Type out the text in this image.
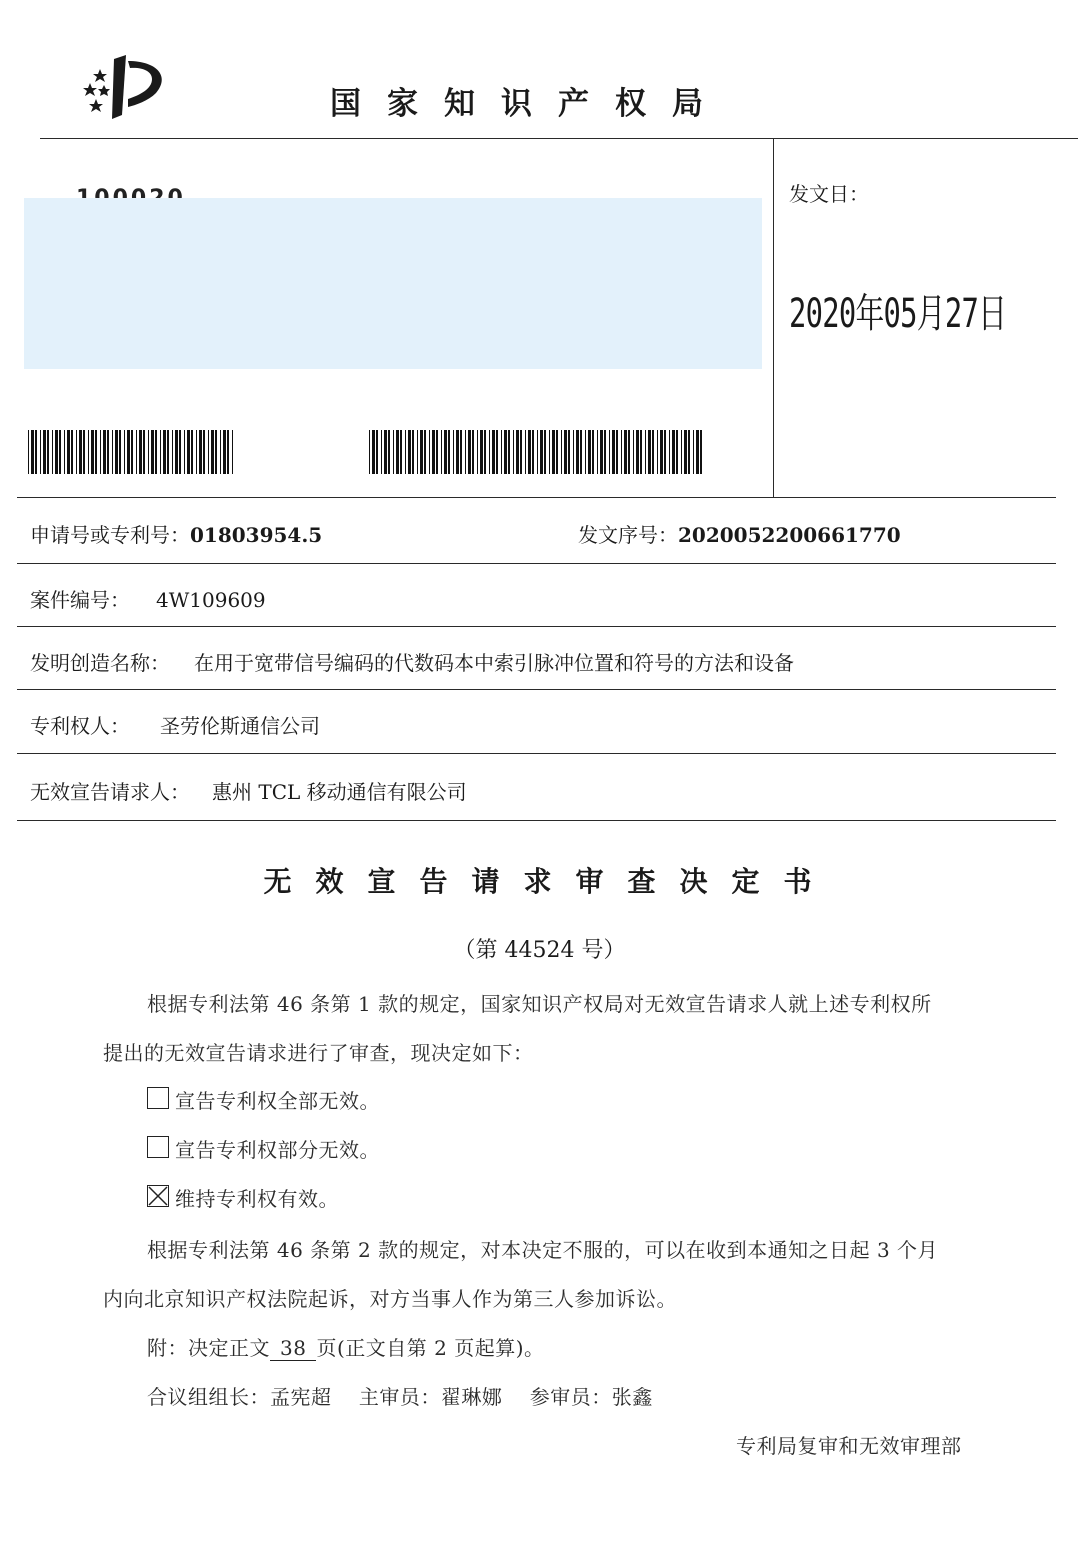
国家知识产权局
发文日：
2020年05月27日
申请号或专利号：01803954.5	发文序号：2020052200661770
案件编号： 4W109609
发明创造名称： 在用于宽带信号编码的代数码本中索引脉冲位置和符号的方法和设备
专利权人： 圣劳伦斯通信公司
无效宣告请求人： 惠州 TCL 移动通信有限公司
无效宣告请求审查决定书
（第 44524 号）
根据专利法第 46 条第 1 款的规定，国家知识产权局对无效宣告请求人就上述专利权所
提出的无效宣告请求进行了审查，现决定如下：
宣告专利权全部无效。
宣告专利权部分无效。
维持专利权有效。
根据专利法第 46 条第 2 款的规定，对本决定不服的，可以在收到本通知之日起 3 个月
内向北京知识产权法院起诉，对方当事人作为第三人参加诉讼。
附：决定正文 38 页(正文自第 2 页起算)。
合议组组长：孟宪超　 主审员：翟琳娜　 参审员：张鑫
专利局复审和无效审理部
